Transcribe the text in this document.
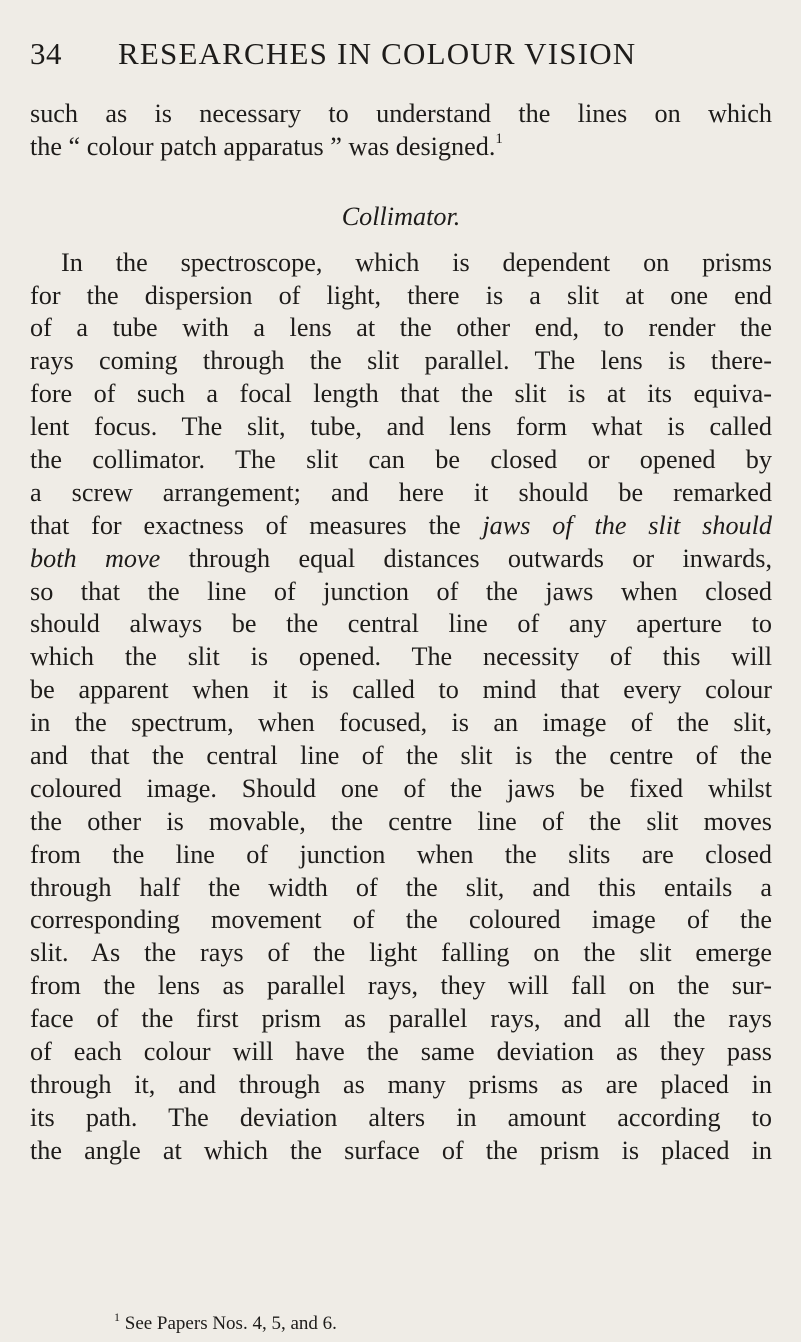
34 RESEARCHES IN COLOUR VISION
such as is necessary to understand the lines on which
the “ colour patch apparatus ” was designed.$^1$
Collimator.
In the spectroscope, which is dependent on prisms
for the dispersion of light, there is a slit at one end
of a tube with a lens at the other end, to render the
rays coming through the slit parallel. The lens is there-
fore of such a focal length that the slit is at its equiva-
lent focus. The slit, tube, and lens form what is called
the collimator. The slit can be closed or opened by
a screw arrangement; and here it should be remarked
that for exactness of measures the jaws of the slit should
both move through equal distances outwards or inwards,
so that the line of junction of the jaws when closed
should always be the central line of any aperture to
which the slit is opened. The necessity of this will
be apparent when it is called to mind that every colour
in the spectrum, when focused, is an image of the slit,
and that the central line of the slit is the centre of the
coloured image. Should one of the jaws be fixed whilst
the other is movable, the centre line of the slit moves
from the line of junction when the slits are closed
through half the width of the slit, and this entails a
corresponding movement of the coloured image of the
slit. As the rays of the light falling on the slit emerge
from the lens as parallel rays, they will fall on the sur-
face of the first prism as parallel rays, and all the rays
of each colour will have the same deviation as they pass
through it, and through as many prisms as are placed in
its path. The deviation alters in amount according to
the angle at which the surface of the prism is placed in
$^1$ See Papers Nos. 4, 5, and 6.
